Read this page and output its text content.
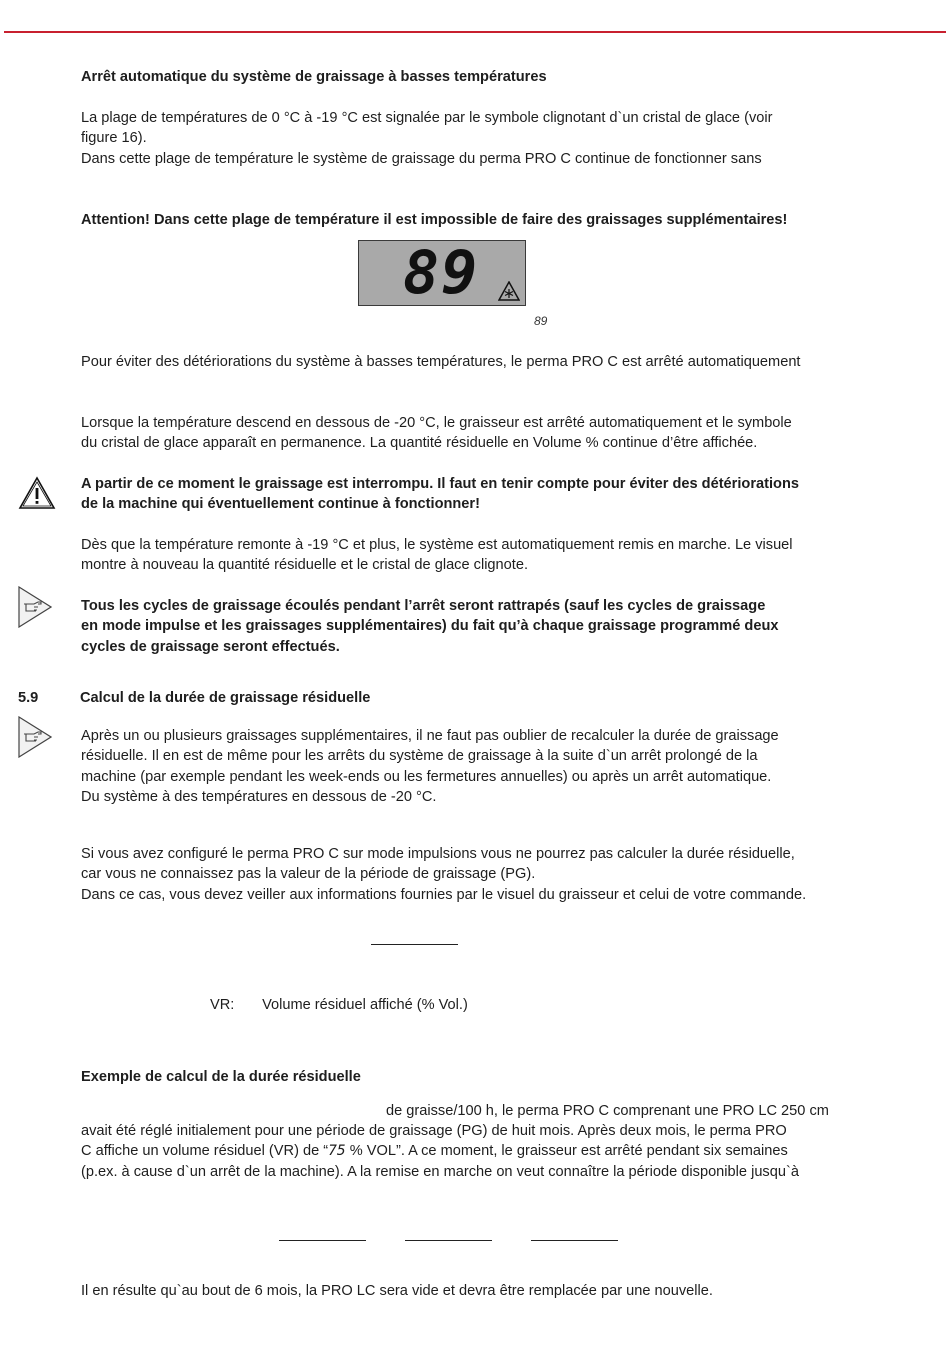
Arrêt automatique du système de graissage à basses températures
La plage de températures de 0 °C à -19 °C est signalée par le symbole clignotant d`un cristal de glace (voir
figure 16).
Dans cette plage de température le système de graissage du perma PRO C continue de fonctionner sans
Attention! Dans cette plage de température il est impossible de faire des graissages supplémentaires!
89
89
Pour éviter des détériorations du système à basses températures, le perma PRO C est arrêté automatiquement
Lorsque la température descend en dessous de -20 °C, le graisseur est arrêté automatiquement et le symbole
du cristal de glace apparaît en permanence. La quantité résiduelle en Volume % continue d’être affichée.
A partir de ce moment le graissage est interrompu. Il faut en tenir compte pour éviter des détériorations
de la machine qui éventuellement continue à fonctionner!
Dès que la température remonte à -19 °C et plus, le système est automatiquement remis en marche. Le visuel
montre à nouveau la quantité résiduelle et le cristal de glace clignote.
Tous les cycles de graissage écoulés pendant l’arrêt seront rattrapés (sauf les cycles de graissage
en mode impulse et les graissages supplémentaires) du fait qu’à chaque graissage programmé deux
cycles de graissage seront effectués.
5.9	Calcul de la durée de graissage résiduelle
Après un ou plusieurs graissages supplémentaires, il ne faut pas oublier de recalculer la durée de graissage
résiduelle. Il en est de même pour les arrêts du système de graissage à la suite d`un arrêt prolongé de la
machine (par exemple pendant les week-ends ou les fermetures annuelles) ou après un arrêt automatique.
Du système à des températures en dessous de -20 °C.
Si vous avez configuré le perma PRO C sur mode impulsions vous ne pourrez pas calculer la durée résiduelle,
car vous ne connaissez pas la valeur de la période de graissage (PG).
Dans ce cas, vous devez veiller aux informations fournies par le visuel du graisseur et celui de votre commande.
VR: Volume résiduel affiché (% Vol.)
Exemple de calcul de la durée résiduelle
de graisse/100 h, le perma PRO C comprenant une PRO LC 250 cm
avait été réglé initialement pour une période de graissage (PG) de huit mois. Après deux mois, le perma PRO
C affiche un volume résiduel (VR) de “75 % VOL”. A ce moment, le graisseur est arrêté pendant six semaines
(p.ex. à cause d`un arrêt de la machine). A la remise en marche on veut connaître la période disponible jusqu`à
Il en résulte qu`au bout de 6 mois, la PRO LC sera vide et devra être remplacée par une nouvelle.
